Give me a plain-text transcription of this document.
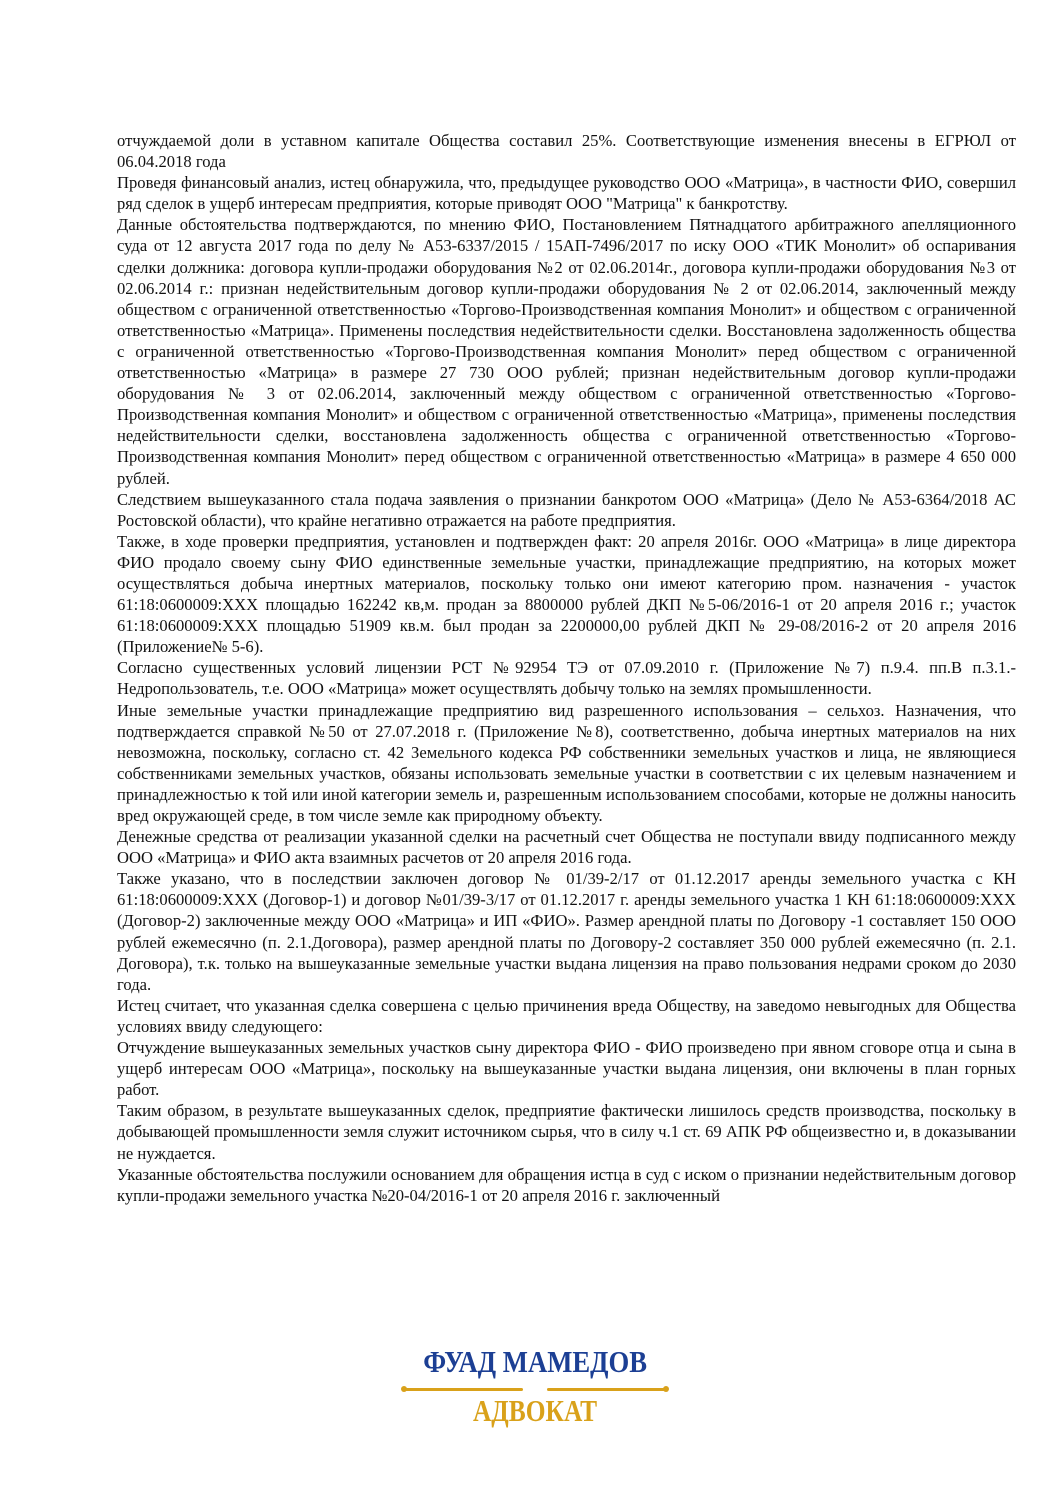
отчуждаемой доли в уставном капитале Общества составил 25%. Соответствующие изменения внесены в ЕГРЮЛ от 06.04.2018 года

Проведя финансовый анализ, истец обнаружила, что, предыдущее руководство ООО «Матрица», в частности ФИО, совершил ряд сделок в ущерб интересам предприятия, которые приводят ООО "Матрица" к банкротству.

Данные обстоятельства подтверждаются, по мнению ФИО, Постановлением Пятнадцатого арбитражного апелляционного суда от 12 августа 2017 года по делу № А53-6337/2015 / 15АП-7496/2017 по иску ООО «ТИК Монолит» об оспаривания сделки должника: договора купли-продажи оборудования №2 от 02.06.2014г., договора купли-продажи оборудования №3 от 02.06.2014 г.: признан недействительным договор купли-продажи оборудования № 2 от 02.06.2014, заключенный между обществом с ограниченной ответственностью «Торгово-Производственная компания Монолит» и обществом с ограниченной ответственностью «Матрица». Применены последствия недействительности сделки. Восстановлена задолженность общества с ограниченной ответственностью «Торгово-Производственная компания Монолит» перед обществом с ограниченной ответственностью «Матрица» в размере 27 730 ООО рублей; признан недействительным договор купли-продажи оборудования № 3 от 02.06.2014, заключенный между обществом с ограниченной ответственностью «Торгово-Производственная компания Монолит» и обществом с ограниченной ответственностью «Матрица», применены последствия недействительности сделки, восстановлена задолженность общества с ограниченной ответственностью «Торгово-Производственная компания Монолит» перед обществом с ограниченной ответственностью «Матрица» в размере 4 650 000 рублей.

Следствием вышеуказанного стала подача заявления о признании банкротом ООО «Матрица» (Дело № А53-6364/2018 АС Ростовской области), что крайне негативно отражается на работе предприятия.

Также, в ходе проверки предприятия, установлен и подтвержден факт: 20 апреля 2016г. ООО «Матрица» в лице директора ФИО продало своему сыну ФИО единственные земельные участки, принадлежащие предприятию, на которых может осуществляться добыча инертных материалов, поскольку только они имеют категорию пром. назначения - участок 61:18:0600009:ХХХ площадью 162242 кв,м. продан за 8800000 рублей ДКП №5-06/2016-1 от 20 апреля 2016 г.; участок 61:18:0600009:ХХХ площадью 51909 кв.м. был продан за 2200000,00 рублей ДКП № 29-08/2016-2 от 20 апреля 2016 (Приложение№ 5-6).

Согласно существенных условий лицензии РСТ №92954 ТЭ от 07.09.2010 г. (Приложение №7) п.9.4. пп.В п.3.1.-Недропользователь, т.е. ООО «Матрица» может осуществлять добычу только на землях промышленности.

Иные земельные участки принадлежащие предприятию вид разрешенного использования – сельхоз. Назначения, что подтверждается справкой №50 от 27.07.2018 г. (Приложение №8), соответственно, добыча инертных материалов на них невозможна, поскольку, согласно ст. 42 Земельного кодекса РФ собственники земельных участков и лица, не являющиеся собственниками земельных участков, обязаны использовать земельные участки в соответствии с их целевым назначением и принадлежностью к той или иной категории земель и, разрешенным использованием способами, которые не должны наносить вред окружающей среде, в том числе земле как природному объекту.

Денежные средства от реализации указанной сделки на расчетный счет Общества не поступали ввиду подписанного между ООО «Матрица» и ФИО акта взаимных расчетов от 20 апреля 2016 года.

Также указано, что в последствии заключен договор № 01/39-2/17 от 01.12.2017 аренды земельного участка с КН 61:18:0600009:ХХХ (Договор-1) и договор №01/39-3/17 от 01.12.2017 г. аренды земельного участка 1 КН 61:18:0600009:ХХХ (Договор-2) заключенные между ООО «Матрица» и ИП «ФИО». Размер арендной платы по Договору -1 составляет 150 ООО рублей ежемесячно (п. 2.1.Договора), размер арендной платы по Договору-2 составляет 350 000 рублей ежемесячно (п. 2.1. Договора), т.к. только на вышеуказанные земельные участки выдана лицензия на право пользования недрами сроком до 2030 года.

Истец считает, что указанная сделка совершена с целью причинения вреда Обществу, на заведомо невыгодных для Общества условиях ввиду следующего:

Отчуждение вышеуказанных земельных участков сыну директора ФИО - ФИО произведено при явном сговоре отца и сына в ущерб интересам ООО «Матрица», поскольку на вышеуказанные участки выдана лицензия, они включены в план горных работ.

Таким образом, в результате вышеуказанных сделок, предприятие фактически лишилось средств производства, поскольку в добывающей промышленности земля служит источником сырья, что в силу ч.1 ст. 69 АПК РФ общеизвестно и, в доказывании не нуждается.

Указанные обстоятельства послужили основанием для обращения истца в суд с иском о признании недействительным договор купли-продажи земельного участка №20-04/2016-1 от 20 апреля 2016 г. заключенный

ФУАД МАМЕДОВ
АДВОКАТ
